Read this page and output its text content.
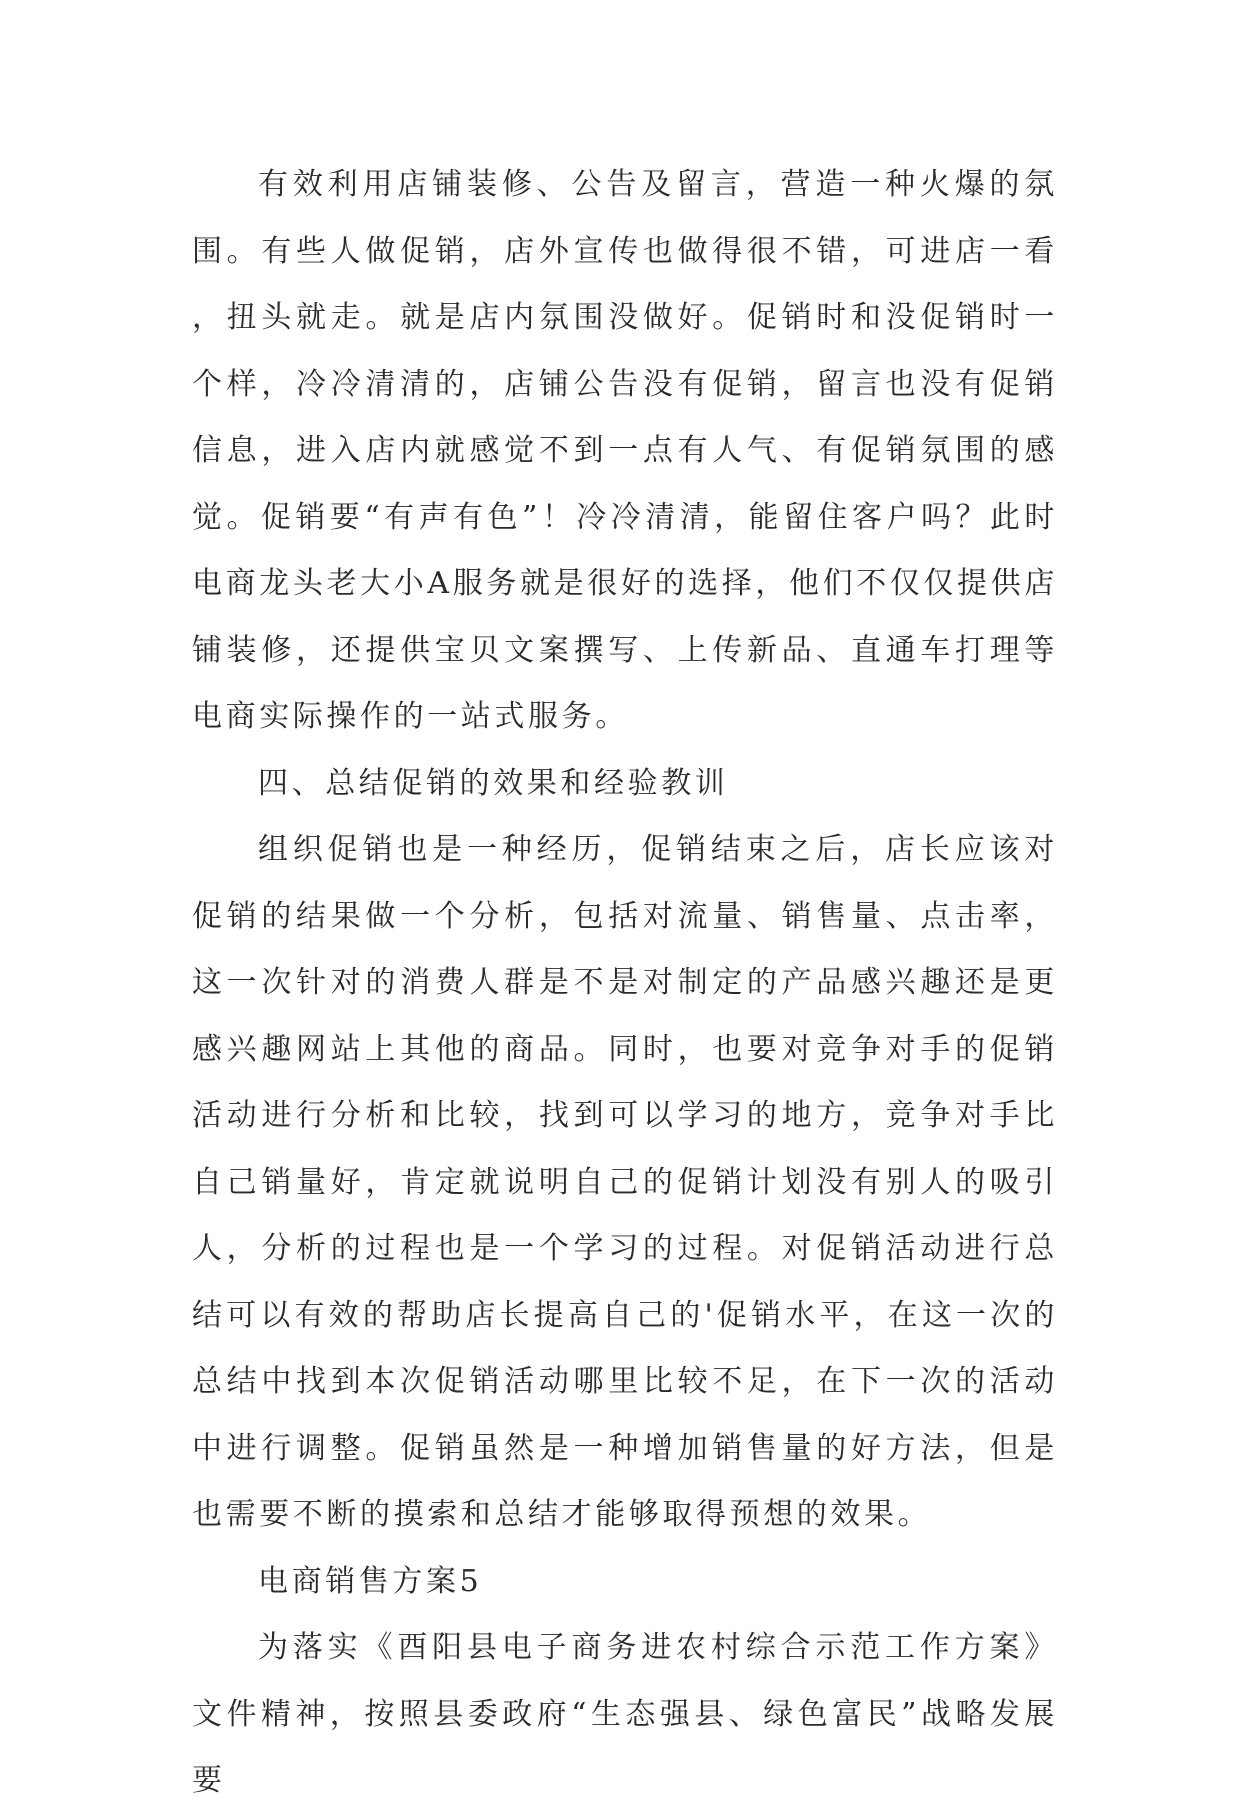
有效利用店铺装修、公告及留言，营造一种火爆的氛围。有些人做促销，店外宣传也做得很不错，可进店一看，扭头就走。就是店内氛围没做好。促销时和没促销时一个样，冷冷清清的，店铺公告没有促销，留言也没有促销信息，进入店内就感觉不到一点有人气、有促销氛围的感觉。促销要“有声有色”！冷冷清清，能留住客户吗？此时电商龙头老大小A服务就是很好的选择，他们不仅仅提供店铺装修，还提供宝贝文案撰写、上传新品、直通车打理等电商实际操作的一站式服务。

四、总结促销的效果和经验教训

组织促销也是一种经历，促销结束之后，店长应该对促销的结果做一个分析，包括对流量、销售量、点击率，这一次针对的消费人群是不是对制定的产品感兴趣还是更感兴趣网站上其他的商品。同时，也要对竞争对手的促销活动进行分析和比较，找到可以学习的地方，竞争对手比自己销量好，肯定就说明自己的促销计划没有别人的吸引人，分析的过程也是一个学习的过程。对促销活动进行总结可以有效的帮助店长提高自己的'促销水平，在这一次的总结中找到本次促销活动哪里比较不足，在下一次的活动中进行调整。促销虽然是一种增加销售量的好方法，但是也需要不断的摸索和总结才能够取得预想的效果。

电商销售方案5

为落实《酉阳县电子商务进农村综合示范工作方案》文件精神，按照县委政府“生态强县、绿色富民”战略发展要
